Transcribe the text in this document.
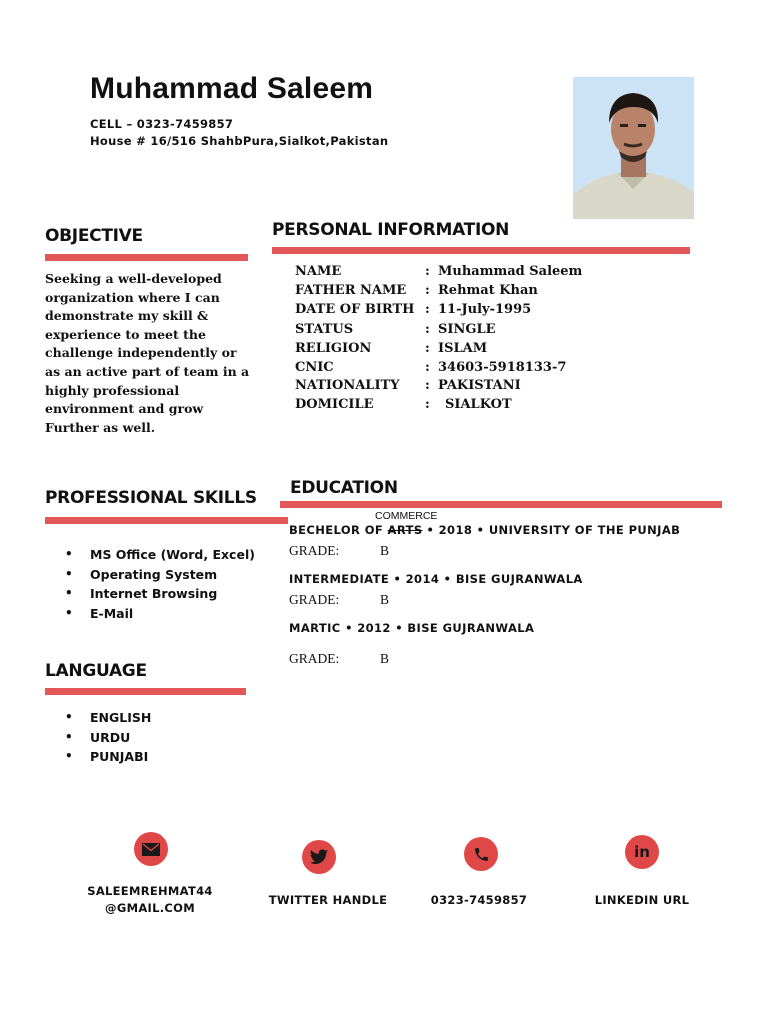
Muhammad Saleem
CELL – 0323-7459857
House # 16/516 ShahbPura,Sialkot,Pakistan
OBJECTIVE
Seeking a well-developed
organization where I can
demonstrate my skill &
experience to meet the
challenge independently or
as an active part of team in a
highly professional
environment and grow
Further as well.
PERSONAL INFORMATION
NAME	: Muhammad Saleem
FATHER NAME : Rehmat Khan
DATE OF BIRTH : 11-July-1995
STATUS	: SINGLE
RELIGION	: ISLAM
CNIC	: 34603-5918133-7
NATIONALITY : PAKISTANI
DOMICILE	: SIALKOT
PROFESSIONAL SKILLS
• MS Office (Word, Excel)
• Operating System
• Internet Browsing
• E-Mail
LANGUAGE
• ENGLISH
• URDU
• PUNJABI
EDUCATION
COMMERCE
BECHELOR OF ARTS • 2018 • UNIVERSITY OF THE PUNJAB
GRADE:	B
INTERMEDIATE • 2014 • BISE GUJRANWALA
GRADE:	B
MARTIC • 2012 • BISE GUJRANWALA
GRADE:	B
in
SALEEMREHMAT44
@GMAIL.COM
TWITTER HANDLE	0323-7459857	LINKEDIN URL
